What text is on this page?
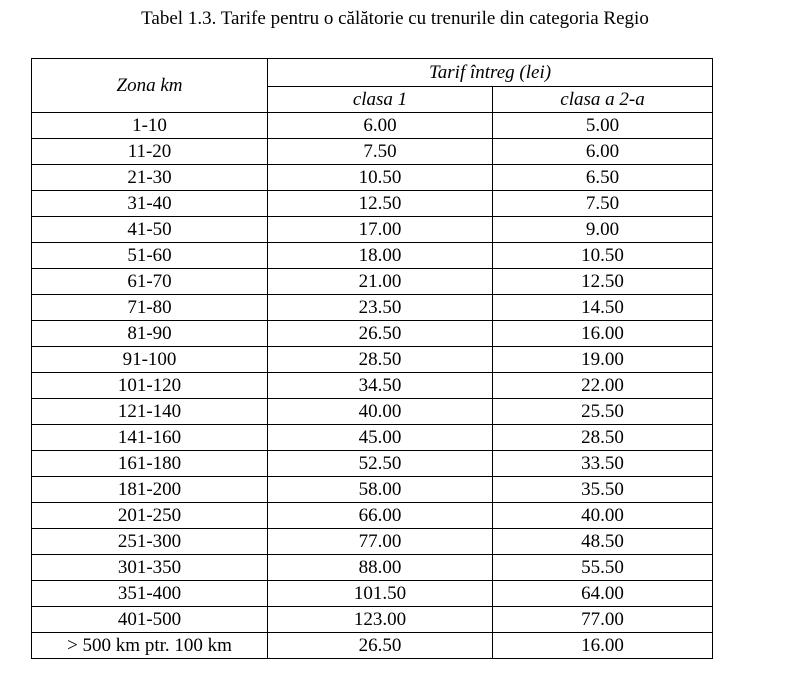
Tabel 1.3. Tarife pentru o călătorie cu trenurile din categoria Regio
Zona km	Tarif întreg (lei)	
	clasa 1	clasa a 2-a
1-10	6.00	5.00
11-20	7.50	6.00
21-30	10.50	6.50
31-40	12.50	7.50
41-50	17.00	9.00
51-60	18.00	10.50
61-70	21.00	12.50
71-80	23.50	14.50
81-90	26.50	16.00
91-100	28.50	19.00
101-120	34.50	22.00
121-140	40.00	25.50
141-160	45.00	28.50
161-180	52.50	33.50
181-200	58.00	35.50
201-250	66.00	40.00
251-300	77.00	48.50
301-350	88.00	55.50
351-400	101.50	64.00
401-500	123.00	77.00
> 500 km ptr. 100 km	26.50	16.00
